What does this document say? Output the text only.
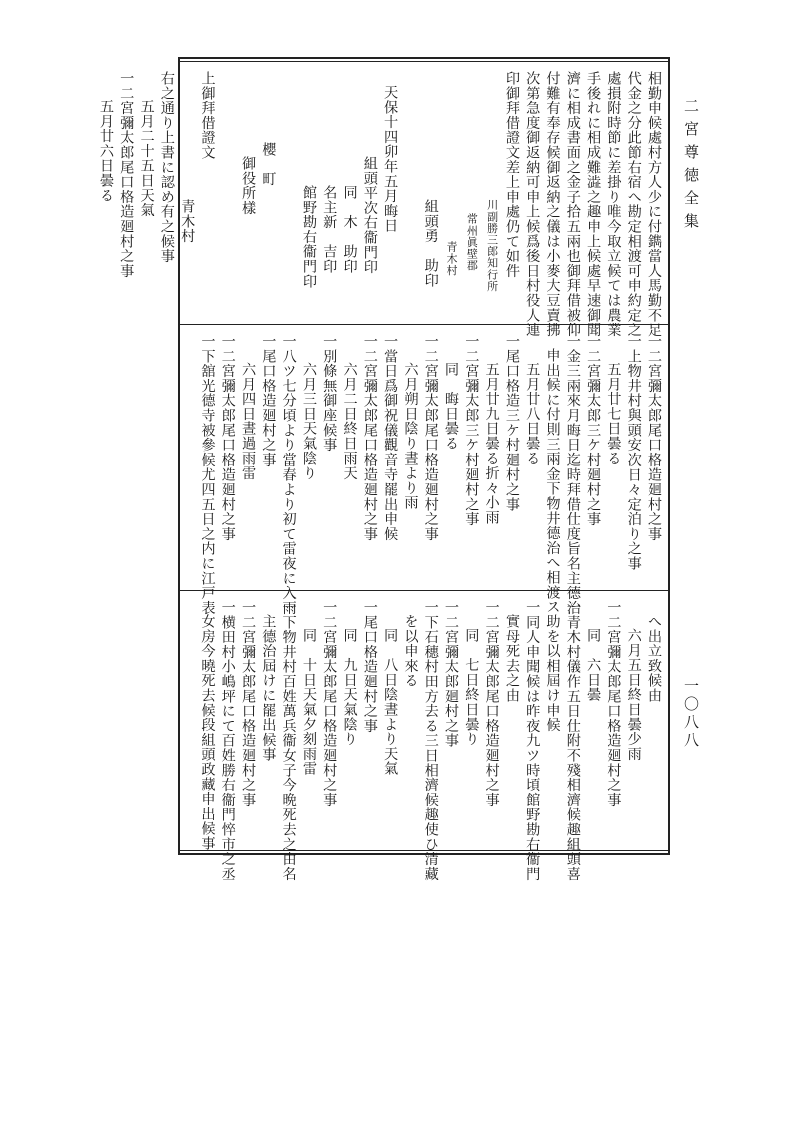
二宮尊徳全集
一〇八八
相勤申候處村方人少に付鐫當人馬勤不足
代金之分此節右宿へ勘定相渡可申約定之
處損附時節に差掛り唯今取立候ては農業
手後れに相成難澁之趣申上候處早速御聞
濟に相成書面之金子拾五兩也御拜借被仰
付難有奉存候御返納之儀は小麥大豆賣拂
次第急度御返納可申上候爲後日村役人連
印御拜借證文差上申處仍て如件
川副勝三郎知行所
常州眞壁郡
青木村
組頭勇　助印
天保十四卯年五月晦日
組頭平次右衞門印
同　木　助印
名主新　吉印
館野勘右衞門印
櫻　町
御役所樣
上御拜借證文
青木村
右之通り上書に認め有之候事
五月二十五日天氣
一二宮彌太郎尾口格造廻村之事
五月廿六日曇る
一二宮彌太郎尾口格造廻村之事
一上物井村與頭安次日々定泊り之事
五月廿七日曇る
一二宮彌太郎三ケ村廻村之事
一金三兩來月晦日迄時拜借仕度旨名主德治
申出候に付則三兩金下物井德治へ相渡ス
五月廿八日曇る
一尾口格造三ケ村廻村之事
五月廿九日曇る折々小雨
一二宮彌太郎三ケ村廻村之事
同　晦日曇る
一二宮彌太郎尾口格造廻村之事
六月朔日陰り晝より雨
一當日爲御祝儀觀音寺罷出申候
一二宮彌太郎尾口格造廻村之事
六月二日終日雨天
一別條無御座候事
六月三日天氣陰り
一八ツ七分頃より當春より初て雷夜に入雨
一尾口格造廻村之事
六月四日晝過雨雷
一二宮彌太郎尾口格造廻村之事
一下舘光德寺被參候尤四五日之内に江戸表
へ出立致候由
六月五日終日曇少雨
一二宮彌太郎尾口格造廻村之事
同　六日曇
一青木村儀作五日仕附不殘相濟候趣組頭喜
助を以相屆け申候
一同人申聞候は昨夜九ツ時頃館野勘右衞門
實母死去之由
一二宮彌太郎尾口格造廻村之事
同　七日終日曇り
一二宮彌太郎廻村之事
一下石穗村田方去る三日相濟候趣使ひ清藏
を以申來る
同　八日陰晝より天氣
一尾口格造廻村之事
同　九日天氣陰り
一二宮彌太郎尾口格造廻村之事
同　十日天氣夕刻雨雷
一下物井村百姓萬兵衞女子今晩死去之由名
主德治屆けに罷出候事
一二宮彌太郎尾口格造廻村之事
一横田村小嶋坪にて百姓勝右衞門悴市之丞
女房今曉死去候段組頭政藏申出候事
